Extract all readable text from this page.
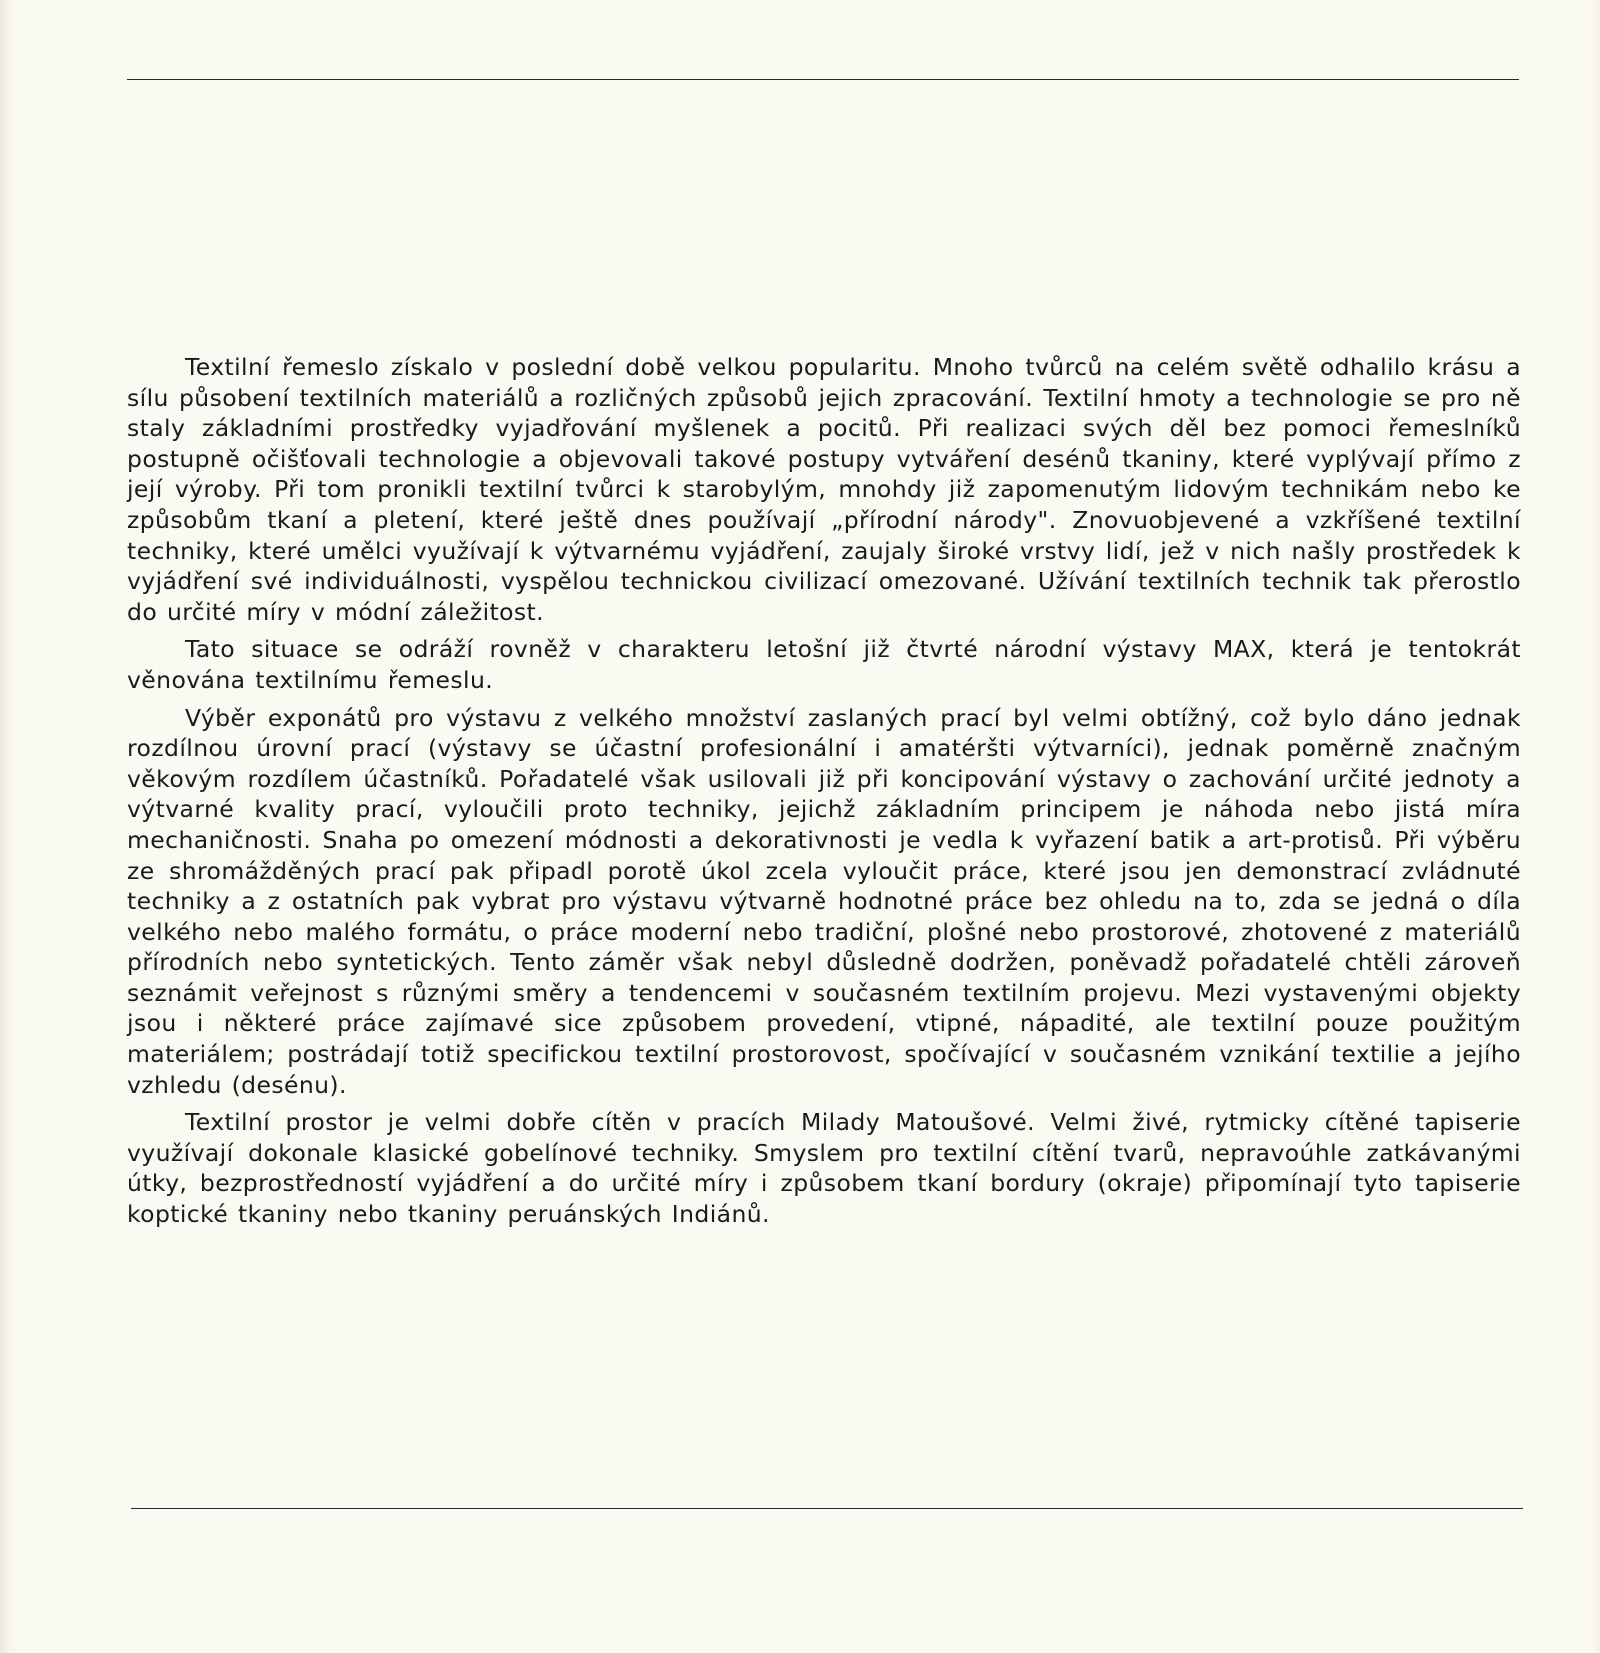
Textilní řemeslo získalo v poslední době velkou popularitu. Mnoho tvůrců na celém světě odhalilo krásu a sílu působení textilních materiálů a rozličných způsobů jejich zpracování. Textilní hmoty a technologie se pro ně staly základními prostředky vyjadřování myšlenek a pocitů. Při realizaci svých děl bez pomoci řemeslníků postupně očišťovali technologie a objevovali takové postupy vytváření desénů tkaniny, které vyplývají přímo z její výroby. Při tom pronikli textilní tvůrci k starobylým, mnohdy již zapomenutým lidovým technikám nebo ke způsobům tkaní a pletení, které ještě dnes používají „přírodní národy". Znovuobjevené a vzkříšené textilní techniky, které umělci využívají k výtvarnému vyjádření, zaujaly široké vrstvy lidí, jež v nich našly prostředek k vyjádření své individuálnosti, vyspělou technickou civilizací omezované. Užívání textilních technik tak přerostlo do určité míry v módní záležitost.

Tato situace se odráží rovněž v charakteru letošní již čtvrté národní výstavy MAX, která je tentokrát věnována textilnímu řemeslu.

Výběr exponátů pro výstavu z velkého množství zaslaných prací byl velmi obtížný, což bylo dáno jednak rozdílnou úrovní prací (výstavy se účastní profesionální i amatéršti výtvarníci), jednak poměrně značným věkovým rozdílem účastníků. Pořadatelé však usilovali již při koncipování výstavy o zachování určité jednoty a výtvarné kvality prací, vyloučili proto techniky, jejichž základním principem je náhoda nebo jistá míra mechaničnosti. Snaha po omezení módnosti a dekorativnosti je vedla k vyřazení batik a art-protisů. Při výběru ze shromážděných prací pak připadl porotě úkol zcela vyloučit práce, které jsou jen demonstrací zvládnuté techniky a z ostatních pak vybrat pro výstavu výtvarně hodnotné práce bez ohledu na to, zda se jedná o díla velkého nebo malého formátu, o práce moderní nebo tradiční, plošné nebo prostorové, zhotovené z materiálů přírodních nebo syntetických. Tento záměr však nebyl důsledně dodržen, poněvadž pořadatelé chtěli zároveň seznámit veřejnost s různými směry a tendencemi v současném textilním projevu. Mezi vystavenými objekty jsou i některé práce zajímavé sice způsobem provedení, vtipné, nápadité, ale textilní pouze použitým materiálem; postrádají totiž specifickou textilní prostorovost, spočívající v současném vznikání textilie a jejího vzhledu (desénu).

Textilní prostor je velmi dobře cítěn v pracích Milady Matoušové. Velmi živé, rytmicky cítěné tapiserie využívají dokonale klasické gobelínové techniky. Smyslem pro textilní cítění tvarů, nepravoúhle zatkávanými útky, bezprostředností vyjádření a do určité míry i způsobem tkaní bordury (okraje) připomínají tyto tapiserie koptické tkaniny nebo tkaniny peruánských Indiánů.
